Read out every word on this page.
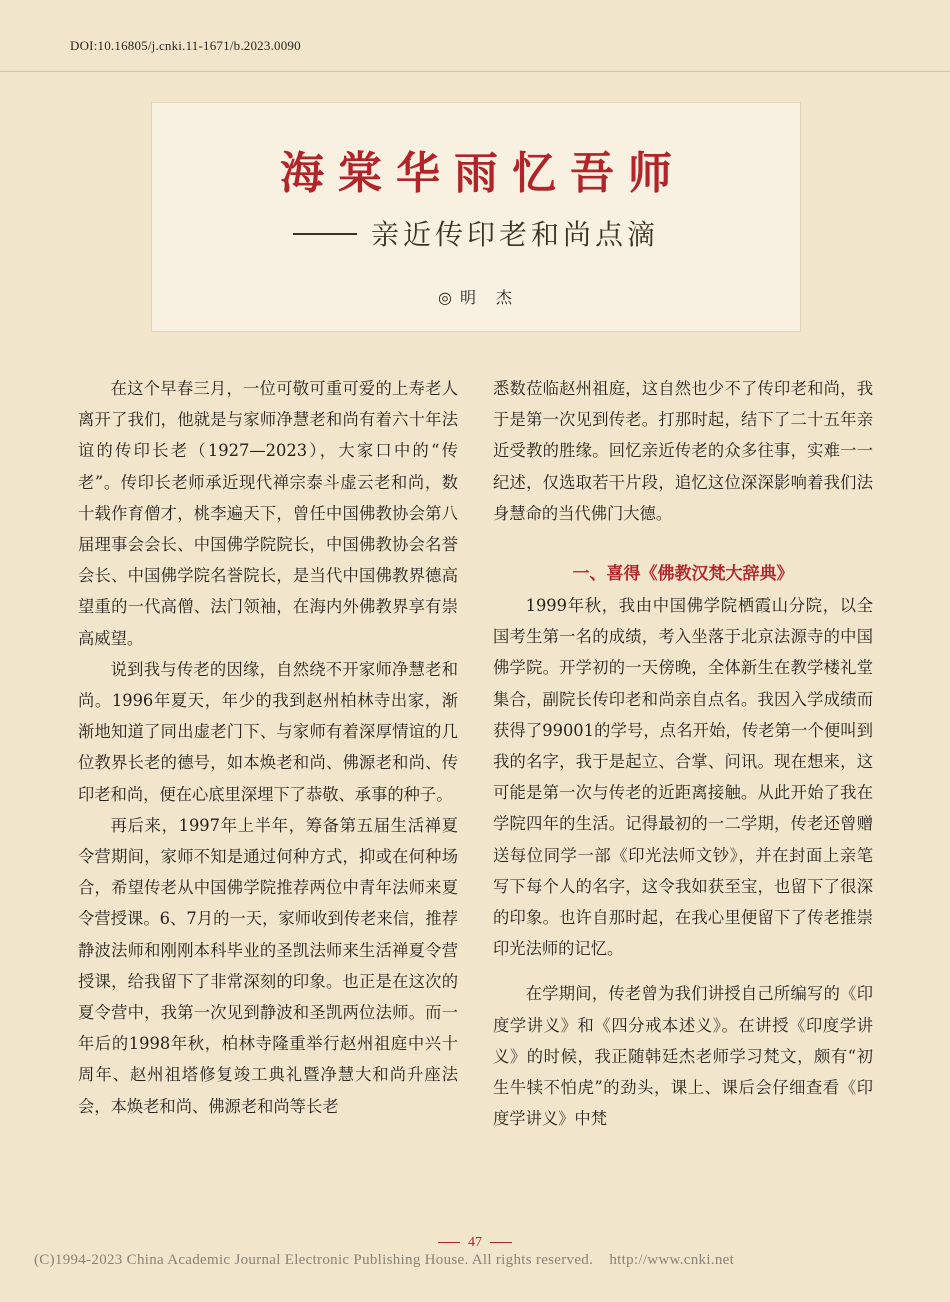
DOI:10.16805/j.cnki.11-1671/b.2023.0090
海棠华雨忆吾师
亲近传印老和尚点滴
◎ 明　杰

在这个早春三月，一位可敬可重可爱的上寿老人离开了我们，他就是与家师净慧老和尚有着六十年法谊的传印长老（1927—2023），大家口中的“传老”。传印长老师承近现代禅宗泰斗虚云老和尚，数十载作育僧才，桃李遍天下，曾任中国佛教协会第八届理事会会长、中国佛学院院长，中国佛教协会名誉会长、中国佛学院名誉院长，是当代中国佛教界德高望重的一代高僧、法门领袖，在海内外佛教界享有崇高威望。

说到我与传老的因缘，自然绕不开家师净慧老和尚。1996年夏天，年少的我到赵州柏林寺出家，渐渐地知道了同出虚老门下、与家师有着深厚情谊的几位教界长老的德号，如本焕老和尚、佛源老和尚、传印老和尚，便在心底里深埋下了恭敬、承事的种子。

再后来，1997年上半年，筹备第五届生活禅夏令营期间，家师不知是通过何种方式，抑或在何种场合，希望传老从中国佛学院推荐两位中青年法师来夏令营授课。6、7月的一天，家师收到传老来信，推荐静波法师和刚刚本科毕业的圣凯法师来生活禅夏令营授课，给我留下了非常深刻的印象。也正是在这次的夏令营中，我第一次见到静波和圣凯两位法师。而一年后的1998年秋，柏林寺隆重举行赵州祖庭中兴十周年、赵州祖塔修复竣工典礼暨净慧大和尚升座法会，本焕老和尚、佛源老和尚等长老

悉数莅临赵州祖庭，这自然也少不了传印老和尚，我于是第一次见到传老。打那时起，结下了二十五年亲近受教的胜缘。回忆亲近传老的众多往事，实难一一纪述，仅选取若干片段，追忆这位深深影响着我们法身慧命的当代佛门大德。

一、喜得《佛教汉梵大辞典》

1999年秋，我由中国佛学院栖霞山分院，以全国考生第一名的成绩，考入坐落于北京法源寺的中国佛学院。开学初的一天傍晚，全体新生在教学楼礼堂集合，副院长传印老和尚亲自点名。我因入学成绩而获得了99001的学号，点名开始，传老第一个便叫到我的名字，我于是起立、合掌、问讯。现在想来，这可能是第一次与传老的近距离接触。从此开始了我在学院四年的生活。记得最初的一二学期，传老还曾赠送每位同学一部《印光法师文钞》，并在封面上亲笔写下每个人的名字，这令我如获至宝，也留下了很深的印象。也许自那时起，在我心里便留下了传老推崇印光法师的记忆。

在学期间，传老曾为我们讲授自己所编写的《印度学讲义》和《四分戒本述义》。在讲授《印度学讲义》的时候，我正随韩廷杰老师学习梵文，颇有“初生牛犊不怕虎”的劲头，课上、课后会仔细查看《印度学讲义》中梵

47
(C)1994-2023 China Academic Journal Electronic Publishing House. All rights reserved. http://www.cnki.net
